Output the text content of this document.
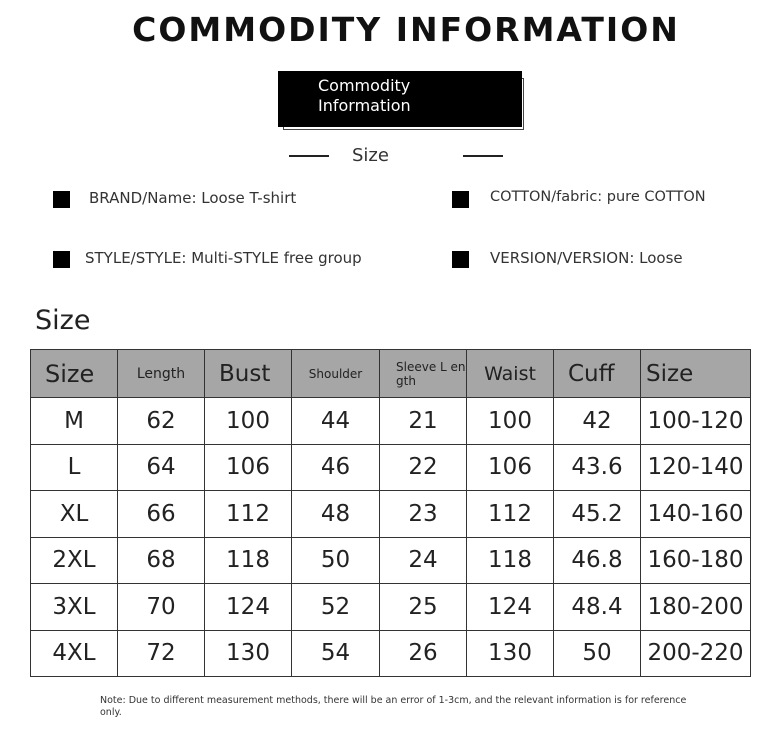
COMMODITY INFORMATION
Commodity
Information
Size
BRAND/Name: Loose T-shirt	COTTON/fabric: pure COTTON
STYLE/STYLE: Multi-STYLE free group	VERSION/VERSION: Loose
Size
Size	Length	Bust	Shoulder	Sleeve L ength	Waist	Cuff	Size
M	62	100	44	21	100	42	100-120
L	64	106	46	22	106	43.6	120-140
XL	66	112	48	23	112	45.2	140-160
2XL	68	118	50	24	118	46.8	160-180
3XL	70	124	52	25	124	48.4	180-200
4XL	72	130	54	26	130	50	200-220
Note: Due to different measurement methods, there will be an error of 1-3cm, and the relevant information is for reference only.
